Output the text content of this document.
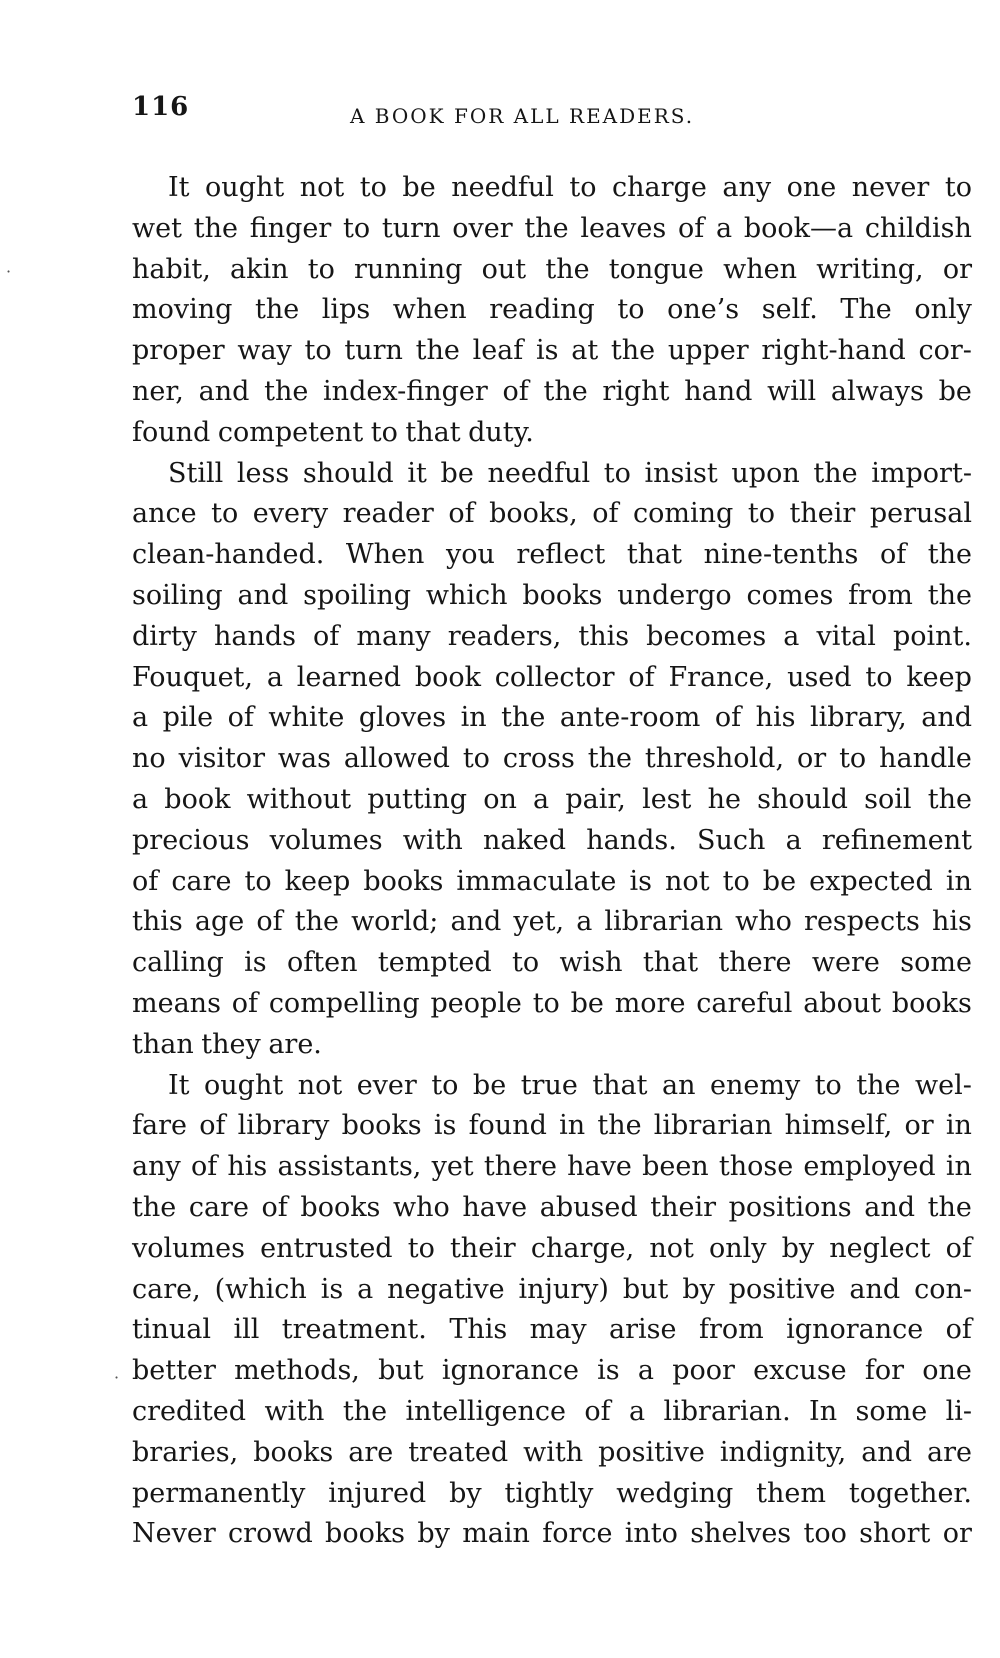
116	A BOOK FOR ALL READERS.
It ought not to be needful to charge any one never to
wet the finger to turn over the leaves of a book—a childish
habit, akin to running out the tongue when writing, or
moving the lips when reading to one’s self. The only
proper way to turn the leaf is at the upper right-hand cor-
ner, and the index-finger of the right hand will always be
found competent to that duty.
Still less should it be needful to insist upon the import-
ance to every reader of books, of coming to their perusal
clean-handed. When you reflect that nine-tenths of the
soiling and spoiling which books undergo comes from the
dirty hands of many readers, this becomes a vital point.
Fouquet, a learned book collector of France, used to keep
a pile of white gloves in the ante-room of his library, and
no visitor was allowed to cross the threshold, or to handle
a book without putting on a pair, lest he should soil the
precious volumes with naked hands. Such a refinement
of care to keep books immaculate is not to be expected in
this age of the world; and yet, a librarian who respects his
calling is often tempted to wish that there were some
means of compelling people to be more careful about books
than they are.
It ought not ever to be true that an enemy to the wel-
fare of library books is found in the librarian himself, or in
any of his assistants, yet there have been those employed in
the care of books who have abused their positions and the
volumes entrusted to their charge, not only by neglect of
care, (which is a negative injury) but by positive and con-
tinual ill treatment. This may arise from ignorance of
better methods, but ignorance is a poor excuse for one
credited with the intelligence of a librarian. In some li-
braries, books are treated with positive indignity, and are
permanently injured by tightly wedging them together.
Never crowd books by main force into shelves too short or
·
·
